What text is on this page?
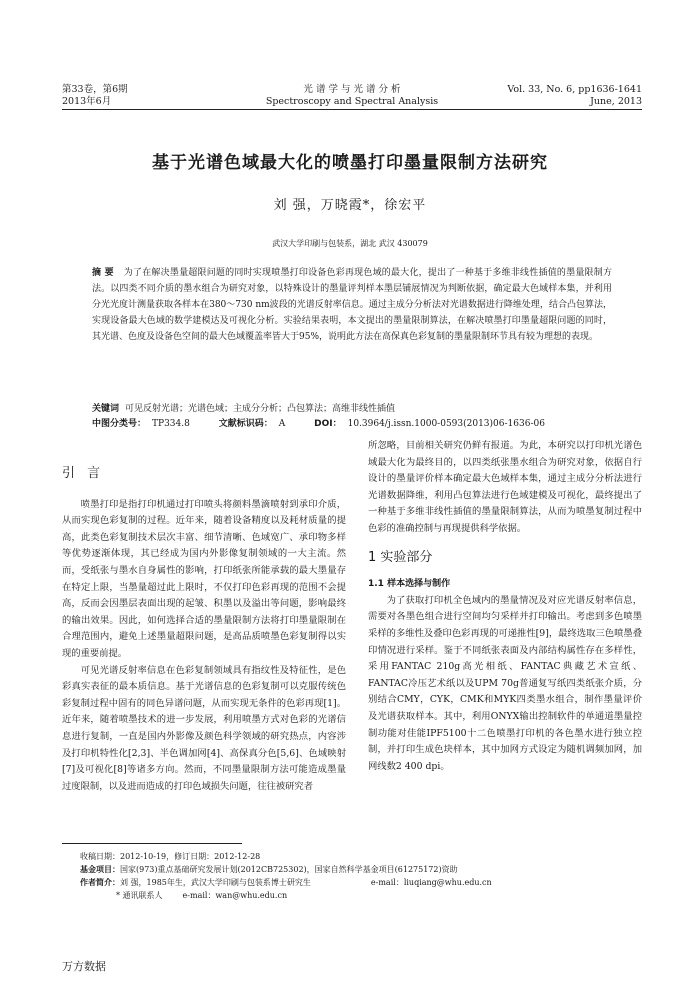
第33卷，第6期
2013年6月
光 谱 学 与 光 谱 分 析
Spectroscopy and Spectral Analysis
Vol. 33, No. 6, pp1636-1641
June, 2013
基于光谱色域最大化的喷墨打印墨量限制方法研究
刘 强，万晓霞*，徐宏平
武汉大学印刷与包装系，湖北 武汉 430079
摘 要 为了在解决墨量超限问题的同时实现喷墨打印设备色彩再现色域的最大化，提出了一种基于多维非线性插值的墨量限制方法。以四类不同介质的墨水组合为研究对象，以特殊设计的墨量评判样本墨层铺展情况为判断依据，确定最大色域样本集，并利用分光光度计测量获取各样本在380～730 nm波段的光谱反射率信息。通过主成分分析法对光谱数据进行降维处理，结合凸包算法，实现设备最大色域的数学建模达及可视化分析。实验结果表明，本文提出的墨量限制算法，在解决喷墨打印墨量超限问题的同时，其光谱、色度及设备色空间的最大色域覆盖率皆大于95%，说明此方法在高保真色彩复制的墨量限制环节具有较为理想的表现。
关键词 可见反射光谱；光谱色域；主成分分析；凸包算法；高维非线性插值
中图分类号： TP334.8	文献标识码： A	DOI： 10.3964/j.issn.1000-0593(2013)06-1636-06
引 言

喷墨打印是指打印机通过打印喷头将颜料墨滴喷射到承印介质，从而实现色彩复制的过程。近年来，随着设备精度以及耗材质量的提高，此类色彩复制技术层次丰富、细节清晰、色域宽广、承印物多样等优势逐渐体现，其已经成为国内外影像复制领域的一大主流。然而，受纸张与墨水自身属性的影响，打印纸张所能承载的最大墨量存在特定上限，当墨量超过此上限时，不仅打印色彩再现的范围不会提高，反而会因墨层表面出现的起皱、积墨以及溢出等问题，影响最终的输出效果。因此，如何选择合适的墨量限制方法将打印墨量限制在合理范围内，避免上述墨量超限问题，是高品质喷墨色彩复制得以实现的重要前提。

可见光谱反射率信息在色彩复制领域具有指纹性及特征性，是色彩真实表征的最本质信息。基于光谱信息的色彩复制可以克服传统色彩复制过程中固有的同色异谱问题，从而实现无条件的色彩再现[1]。近年来，随着喷墨技术的进一步发展，利用喷墨方式对色彩的光谱信息进行复制，一直是国内外影像及颜色科学领域的研究热点，内容涉及打印机特性化[2,3]、半色调加网[4]、高保真分色[5,6]、色域映射[7]及可视化[8]等诸多方向。然而，不同墨量限制方法可能造成墨量过度限制，以及进而造成的打印色域损失问题，往往被研究者

所忽略，目前相关研究仍鲜有报道。为此，本研究以打印机光谱色域最大化为最终目的，以四类纸张墨水组合为研究对象，依据自行设计的墨量评价样本确定最大色域样本集，通过主成分分析法进行光谱数据降维，利用凸包算法进行色域建模及可视化，最终提出了一种基于多维非线性插值的墨量限制算法，从而为喷墨复制过程中色彩的准确控制与再现提供科学依据。

1 实验部分
1.1 样本选择与制作

为了获取打印机全色域内的墨量情况及对应光谱反射率信息，需要对各墨色组合进行空间均匀采样并打印输出。考虑到多色喷墨采样的多维性及叠印色彩再现的可递推性[9]，最终选取三色喷墨叠印情况进行采样。鉴于不同纸张表面及内部结构属性存在多样性，采用FANTAC 210g高光相纸、FANTAC典藏艺术宣纸、FANTAC冷压艺术纸以及UPM 70g普通复写纸四类纸张介质，分别结合CMY，CYK，CMK和MYK四类墨水组合，制作墨量评价及光谱获取样本。其中，利用ONYX输出控制软件的单通道墨量控制功能对佳能IPF5100十二色喷墨打印机的各色墨水进行独立控制，并打印生成色块样本，其中加网方式设定为随机调频加网，加网线数2 400 dpi。

收稿日期：2012-10-19，修订日期：2012-12-28
基金项目：国家(973)重点基础研究发展计划(2012CB725302)，国家自然科学基金项目(61275172)资助
作者简介：刘 强，1985年生，武汉大学印刷与包装系博士研究生	e-mail：liuqiang@whu.edu.cn
* 通讯联系人	e-mail：wan@whu.edu.cn
万方数据
